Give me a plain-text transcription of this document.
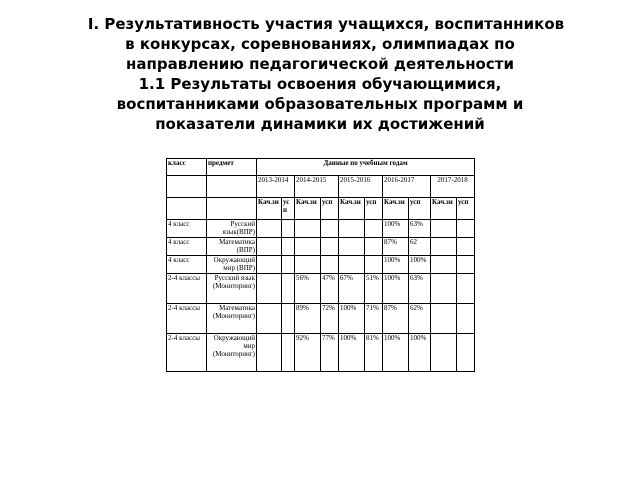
І. Результативность участия учащихся, воспитанников
в конкурсах, соревнованиях, олимпиадах по
направлению педагогической деятельности
1.1 Результаты освоения обучающимися,
воспитанниками образовательных программ и
показатели динамики их достижений
класс	предмет	Данные по учебным годам									
		2013-2014		2014-2015		2015-2016		2016-2017		2017-2018	
		Кач.зн	усп	Кач.зн	усп	Кач.зн	усп	Кач.зн	усп	Кач.зн	усп
4 класс	Русский язык(ВПР)							100%	63%		
4 класс	Математика (ВПР)							87%	62		
4 класс	Окружающий мир (ВПР)							100%	100%		
2-4 классы	Русский язык (Мониторинг)			56%	47%	67%	51%	100%	63%		
2-4 классы	Математика (Мониторинг)			89%	72%	100%	71%	87%	62%		
2-4 классы	Окружающий мир (Мониторинг)			92%	77%	100%	81%	100%	100%		
